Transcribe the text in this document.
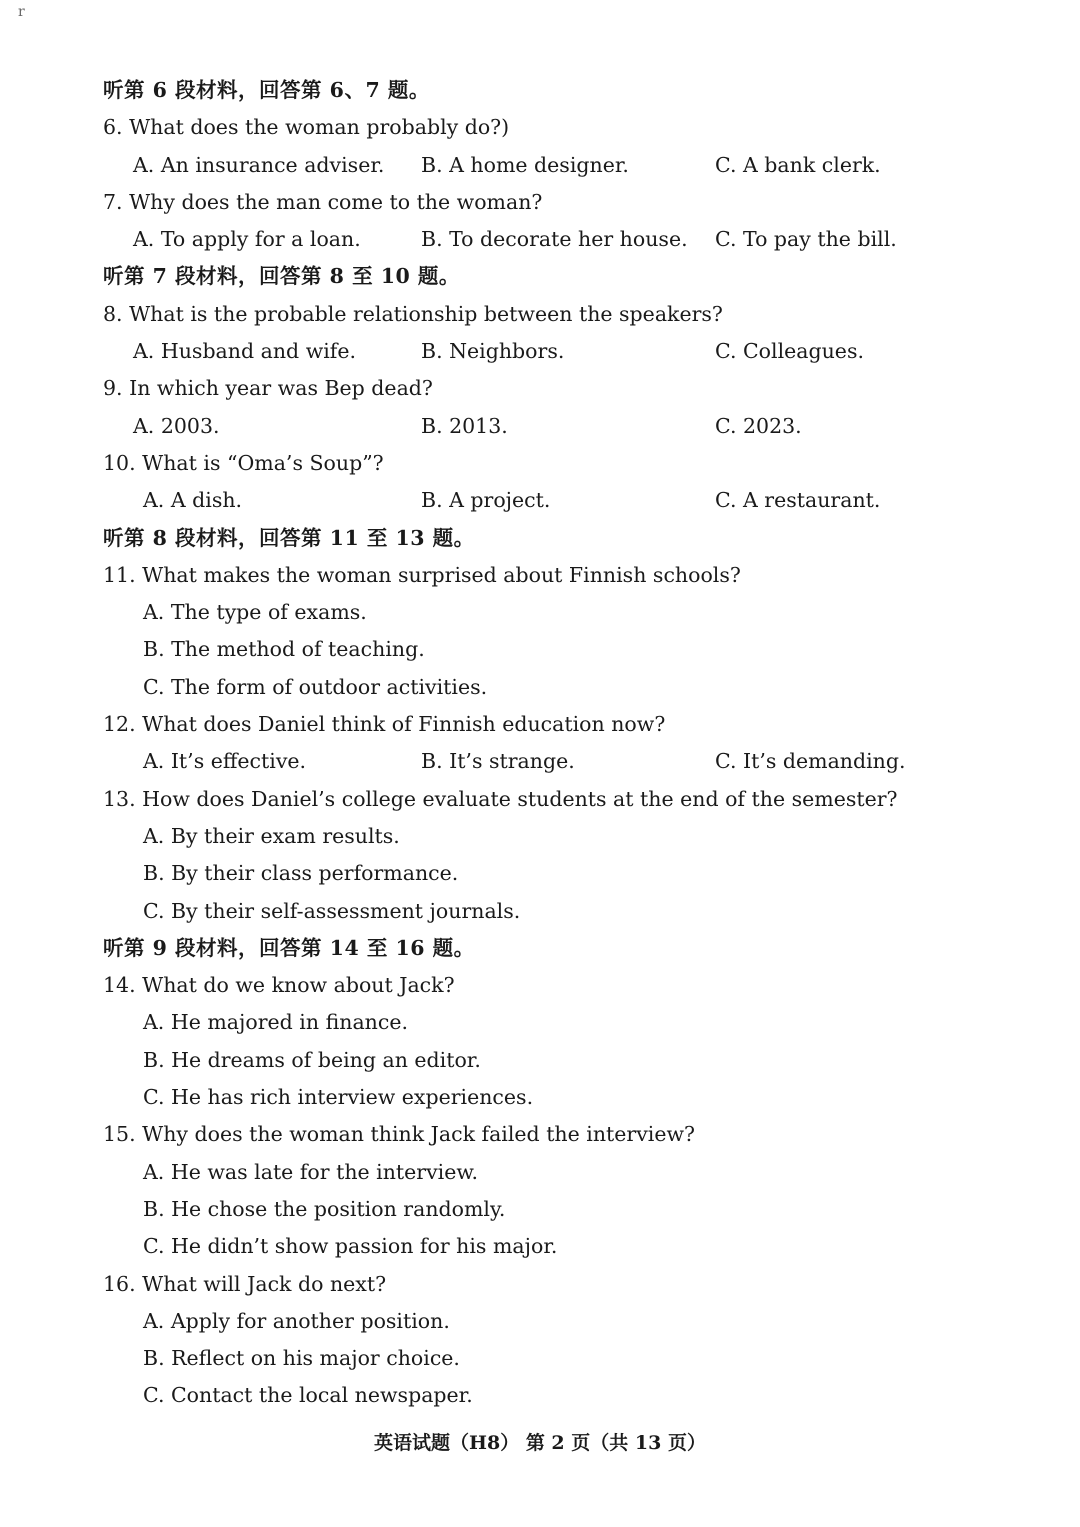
r
听第 6 段材料，回答第 6、7 题。
6. What does the woman probably do?)
A. An insurance adviser. B. A home designer.	C. A bank clerk.
7. Why does the man come to the woman?
A. To apply for a loan.	B. To decorate her house. C. To pay the bill.
听第 7 段材料，回答第 8 至 10 题。
8. What is the probable relationship between the speakers?
A. Husband and wife.	B. Neighbors.	C. Colleagues.
9. In which year was Bep dead?
A. 2003.	B. 2013.	C. 2023.
10. What is “Oma’s Soup”?
A. A dish.	B. A project.	C. A restaurant.
听第 8 段材料，回答第 11 至 13 题。
11. What makes the woman surprised about Finnish schools?
A. The type of exams.
B. The method of teaching.
C. The form of outdoor activities.
12. What does Daniel think of Finnish education now?
A. It’s effective.	B. It’s strange.	C. It’s demanding.
13. How does Daniel’s college evaluate students at the end of the semester?
A. By their exam results.
B. By their class performance.
C. By their self-assessment journals.
听第 9 段材料，回答第 14 至 16 题。
14. What do we know about Jack?
A. He majored in finance.
B. He dreams of being an editor.
C. He has rich interview experiences.
15. Why does the woman think Jack failed the interview?
A. He was late for the interview.
B. He chose the position randomly.
C. He didn’t show passion for his major.
16. What will Jack do next?
A. Apply for another position.
B. Reflect on his major choice.
C. Contact the local newspaper.
英语试题（H8） 第 2 页（共 13 页）
